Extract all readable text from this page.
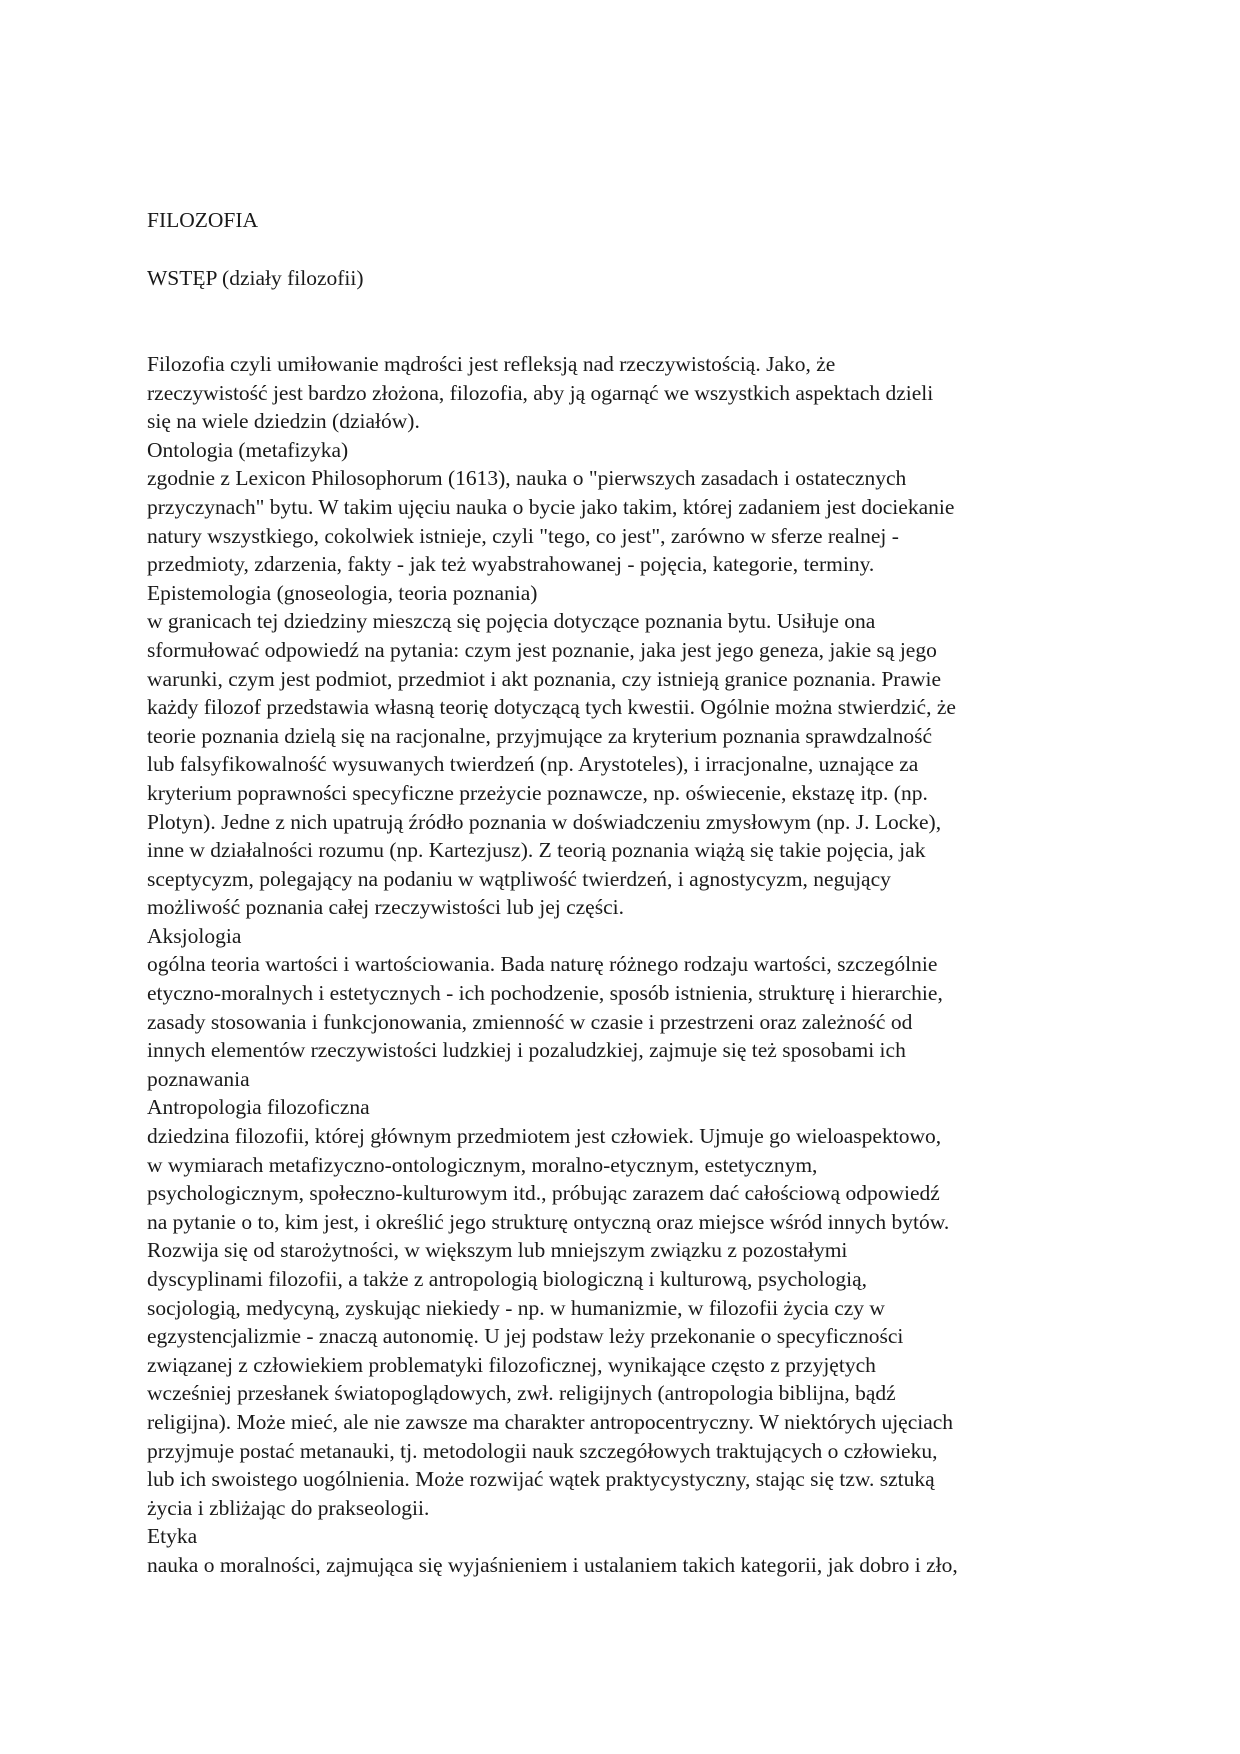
FILOZOFIA
WSTĘP (działy filozofii)
Filozofia czyli umiłowanie mądrości jest refleksją nad rzeczywistością. Jako, że
rzeczywistość jest bardzo złożona, filozofia, aby ją ogarnąć we wszystkich aspektach dzieli
się na wiele dziedzin (działów).
Ontologia (metafizyka)
zgodnie z Lexicon Philosophorum (1613), nauka o "pierwszych zasadach i ostatecznych
przyczynach" bytu. W takim ujęciu nauka o bycie jako takim, której zadaniem jest dociekanie
natury wszystkiego, cokolwiek istnieje, czyli "tego, co jest", zarówno w sferze realnej -
przedmioty, zdarzenia, fakty - jak też wyabstrahowanej - pojęcia, kategorie, terminy.
Epistemologia (gnoseologia, teoria poznania)
w granicach tej dziedziny mieszczą się pojęcia dotyczące poznania bytu. Usiłuje ona
sformułować odpowiedź na pytania: czym jest poznanie, jaka jest jego geneza, jakie są jego
warunki, czym jest podmiot, przedmiot i akt poznania, czy istnieją granice poznania. Prawie
każdy filozof przedstawia własną teorię dotyczącą tych kwestii. Ogólnie można stwierdzić, że
teorie poznania dzielą się na racjonalne, przyjmujące za kryterium poznania sprawdzalność
lub falsyfikowalność wysuwanych twierdzeń (np. Arystoteles), i irracjonalne, uznające za
kryterium poprawności specyficzne przeżycie poznawcze, np. oświecenie, ekstazę itp. (np.
Plotyn). Jedne z nich upatrują źródło poznania w doświadczeniu zmysłowym (np. J. Locke),
inne w działalności rozumu (np. Kartezjusz). Z teorią poznania wiążą się takie pojęcia, jak
sceptycyzm, polegający na podaniu w wątpliwość twierdzeń, i agnostycyzm, negujący
możliwość poznania całej rzeczywistości lub jej części.
Aksjologia
ogólna teoria wartości i wartościowania. Bada naturę różnego rodzaju wartości, szczególnie
etyczno-moralnych i estetycznych - ich pochodzenie, sposób istnienia, strukturę i hierarchie,
zasady stosowania i funkcjonowania, zmienność w czasie i przestrzeni oraz zależność od
innych elementów rzeczywistości ludzkiej i pozaludzkiej, zajmuje się też sposobami ich
poznawania
Antropologia filozoficzna
dziedzina filozofii, której głównym przedmiotem jest człowiek. Ujmuje go wieloaspektowo,
w wymiarach metafizyczno-ontologicznym, moralno-etycznym, estetycznym,
psychologicznym, społeczno-kulturowym itd., próbując zarazem dać całościową odpowiedź
na pytanie o to, kim jest, i określić jego strukturę ontyczną oraz miejsce wśród innych bytów.
Rozwija się od starożytności, w większym lub mniejszym związku z pozostałymi
dyscyplinami filozofii, a także z antropologią biologiczną i kulturową, psychologią,
socjologią, medycyną, zyskując niekiedy - np. w humanizmie, w filozofii życia czy w
egzystencjalizmie - znaczą autonomię. U jej podstaw leży przekonanie o specyficzności
związanej z człowiekiem problematyki filozoficznej, wynikające często z przyjętych
wcześniej przesłanek światopoglądowych, zwł. religijnych (antropologia biblijna, bądź
religijna). Może mieć, ale nie zawsze ma charakter antropocentryczny. W niektórych ujęciach
przyjmuje postać metanauki, tj. metodologii nauk szczegółowych traktujących o człowieku,
lub ich swoistego uogólnienia. Może rozwijać wątek praktycystyczny, stając się tzw. sztuką
życia i zbliżając do prakseologii.
Etyka
nauka o moralności, zajmująca się wyjaśnieniem i ustalaniem takich kategorii, jak dobro i zło,
